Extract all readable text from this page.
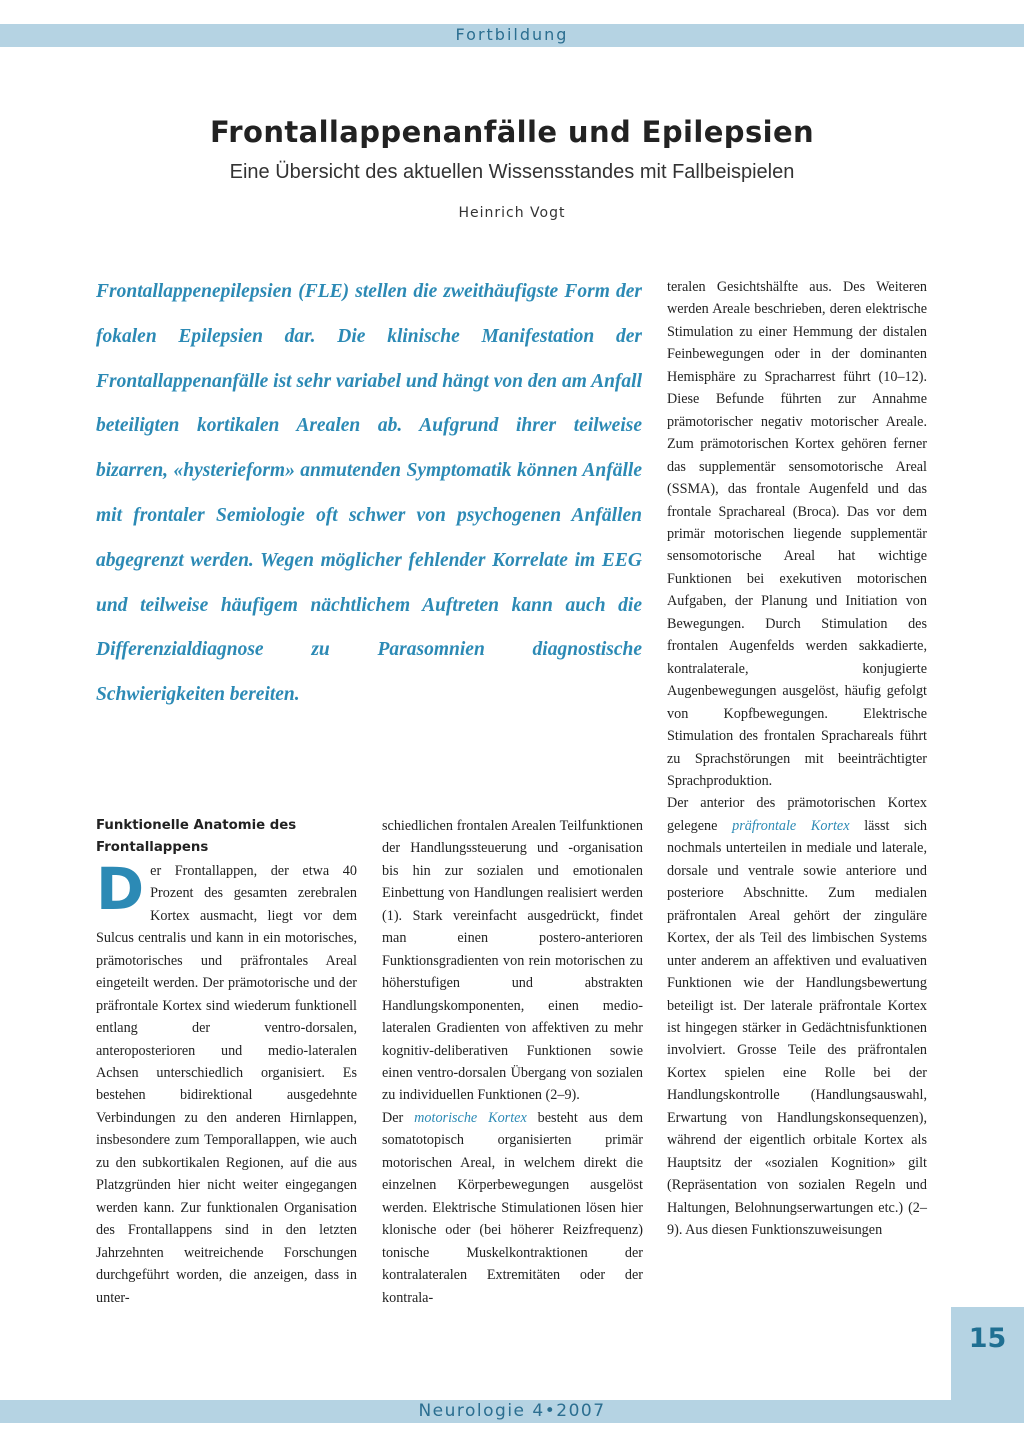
Fortbildung
Frontallappenanfälle und Epilepsien
Eine Übersicht des aktuellen Wissensstandes mit Fallbeispielen
Heinrich Vogt
Frontallappenepilepsien (FLE) stellen die zweithäufigste Form der fokalen Epilepsien dar. Die klinische Manifestation der Frontallappenanfälle ist sehr variabel und hängt von den am Anfall beteiligten kortikalen Arealen ab. Aufgrund ihrer teilweise bizarren, «hysterieform» anmutenden Symptomatik können Anfälle mit frontaler Semiologie oft schwer von psychogenen Anfällen abgegrenzt werden. Wegen möglicher fehlender Korrelate im EEG und teilweise häufigem nächtlichem Auftreten kann auch die Differenzialdiagnose zu Parasomnien diagnostische Schwierigkeiten bereiten.
Funktionelle Anatomie des Frontallappens

Der Frontallappen, der etwa 40 Prozent des gesamten zerebralen Kortex ausmacht, liegt vor dem Sulcus centralis und kann in ein motorisches, prämotorisches und präfrontales Areal eingeteilt werden. Der prämotorische und der präfrontale Kortex sind wiederum funktionell entlang der ventro-dorsalen, anteroposterioren und medio-lateralen Achsen unterschiedlich organisiert. Es bestehen bidirektional ausgedehnte Verbindungen zu den anderen Hirnlappen, insbesondere zum Temporallappen, wie auch zu den subkortikalen Regionen, auf die aus Platzgründen hier nicht weiter eingegangen werden kann. Zur funktionalen Organisation des Frontallappens sind in den letzten Jahrzehnten weitreichende Forschungen durchgeführt worden, die anzeigen, dass in unter-

schiedlichen frontalen Arealen Teilfunktionen der Handlungssteuerung und -organisation bis hin zur sozialen und emotionalen Einbettung von Handlungen realisiert werden (1). Stark vereinfacht ausgedrückt, findet man einen postero-anterioren Funktionsgradienten von rein motorischen zu höherstufigen und abstrakten Handlungskomponenten, einen medio-lateralen Gradienten von affektiven zu mehr kognitiv-deliberativen Funktionen sowie einen ventro-dorsalen Übergang von sozialen zu individuellen Funktionen (2–9).

Der motorische Kortex besteht aus dem somatotopisch organisierten primär motorischen Areal, in welchem direkt die einzelnen Körperbewegungen ausgelöst werden. Elektrische Stimulationen lösen hier klonische oder (bei höherer Reizfrequenz) tonische Muskelkontraktionen der kontralateralen Extremitäten oder der kontrala-

teralen Gesichtshälfte aus. Des Weiteren werden Areale beschrieben, deren elektrische Stimulation zu einer Hemmung der distalen Feinbewegungen oder in der dominanten Hemisphäre zu Spracharrest führt (10–12). Diese Befunde führten zur Annahme prämotorischer negativ motorischer Areale. Zum prämotorischen Kortex gehören ferner das supplementär sensomotorische Areal (SSMA), das frontale Augenfeld und das frontale Sprachareal (Broca). Das vor dem primär motorischen liegende supplementär sensomotorische Areal hat wichtige Funktionen bei exekutiven motorischen Aufgaben, der Planung und Initiation von Bewegungen. Durch Stimulation des frontalen Augenfelds werden sakkadierte, kontralaterale, konjugierte Augenbewegungen ausgelöst, häufig gefolgt von Kopfbewegungen. Elektrische Stimulation des frontalen Sprachareals führt zu Sprachstörungen mit beeinträchtigter Sprachproduktion.

Der anterior des prämotorischen Kortex gelegene präfrontale Kortex lässt sich nochmals unterteilen in mediale und laterale, dorsale und ventrale sowie anteriore und posteriore Abschnitte. Zum medialen präfrontalen Areal gehört der zinguläre Kortex, der als Teil des limbischen Systems unter anderem an affektiven und evaluativen Funktionen wie der Handlungsbewertung beteiligt ist. Der laterale präfrontale Kortex ist hingegen stärker in Gedächtnisfunktionen involviert. Grosse Teile des präfrontalen Kortex spielen eine Rolle bei der Handlungskontrolle (Handlungsauswahl, Erwartung von Handlungskonsequenzen), während der eigentlich orbitale Kortex als Hauptsitz der «sozialen Kognition» gilt (Repräsentation von sozialen Regeln und Haltungen, Belohnungserwartungen etc.) (2–9). Aus diesen Funktionszuweisungen

15
Neurologie 4•2007
